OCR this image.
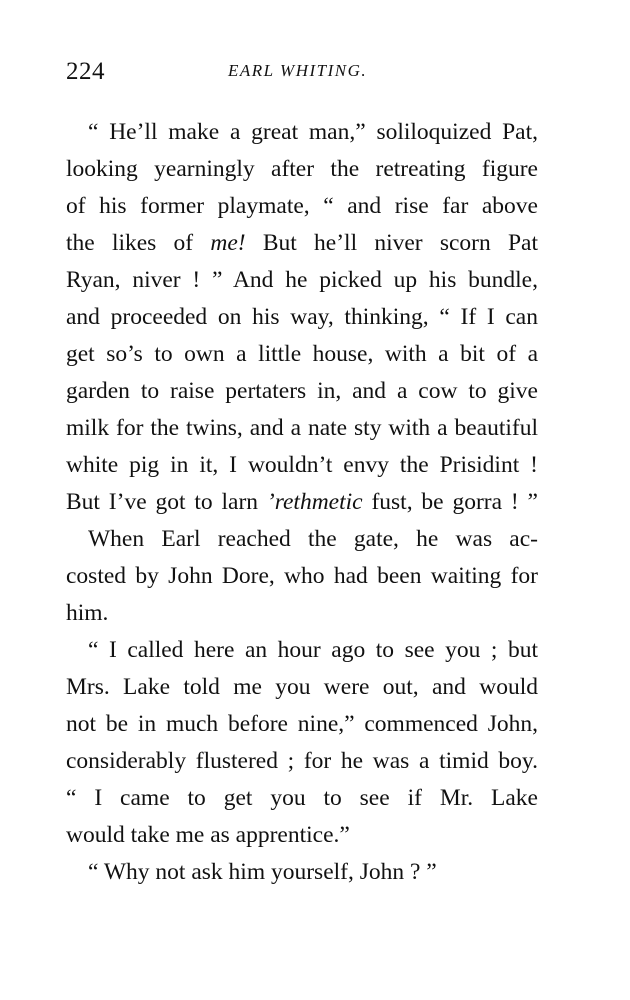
224	EARL WHITING.
“ He’ll make a great man,” soliloquized Pat,
looking yearningly after the retreating figure
of his former playmate, “ and rise far above
the likes of me! But he’ll niver scorn Pat
Ryan, niver ! ” And he picked up his bundle,
and proceeded on his way, thinking, “ If I can
get so’s to own a little house, with a bit of a
garden to raise pertaters in, and a cow to give
milk for the twins, and a nate sty with a beautiful
white pig in it, I wouldn’t envy the Prisidint !
But I’ve got to larn ’rethmetic fust, be gorra ! ”
When Earl reached the gate, he was ac-
costed by John Dore, who had been waiting for
him.
“ I called here an hour ago to see you ; but
Mrs. Lake told me you were out, and would
not be in much before nine,” commenced John,
considerably flustered ; for he was a timid boy.
“ I came to get you to see if Mr. Lake
would take me as apprentice.”
“ Why not ask him yourself, John ? ”
